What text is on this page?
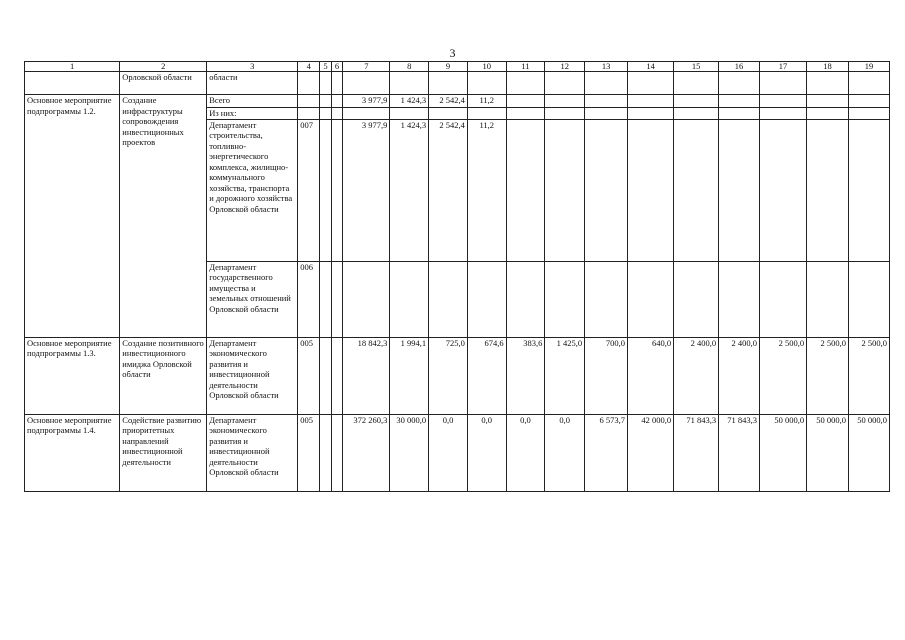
3
1	2	3	4	5	6	7	8	9	10	11	12	13	14	15	16	17	18	19
	Орловской области	области																
Основное мероприятие подпрограммы 1.2.	Создание инфраструктуры сопровождения инвестиционных проектов	Всего				3 977,9	1 424,3	2 542,4	11,2									
		Из них:																
		Департамент строительства, топливно-энергетического комплекса, жилищно-коммунального хозяйства, транспорта и дорожного хозяйства Орловской области	007			3 977,9	1 424,3	2 542,4	11,2									
		Департамент государственного имущества и земельных отношений Орловской области	006															
Основное мероприятие подпрограммы 1.3.	Создание позитивного инвестиционного имиджа Орловской области	Департамент экономического развития и инвестиционной деятельности Орловской области	005			18 842,3	1 994,1	725,0	674,6	383,6	1 425,0	700,0	640,0	2 400,0	2 400,0	2 500,0	2 500,0	2 500,0
Основное мероприятие подпрограммы 1.4.	Содействие развитию приоритетных направлений инвестиционной деятельности	Департамент экономического развития и инвестиционной деятельности Орловской области	005			372 260,3	30 000,0	0,0	0,0	0,0	0,0	6 573,7	42 000,0	71 843,3	71 843,3	50 000,0	50 000,0	50 000,0
